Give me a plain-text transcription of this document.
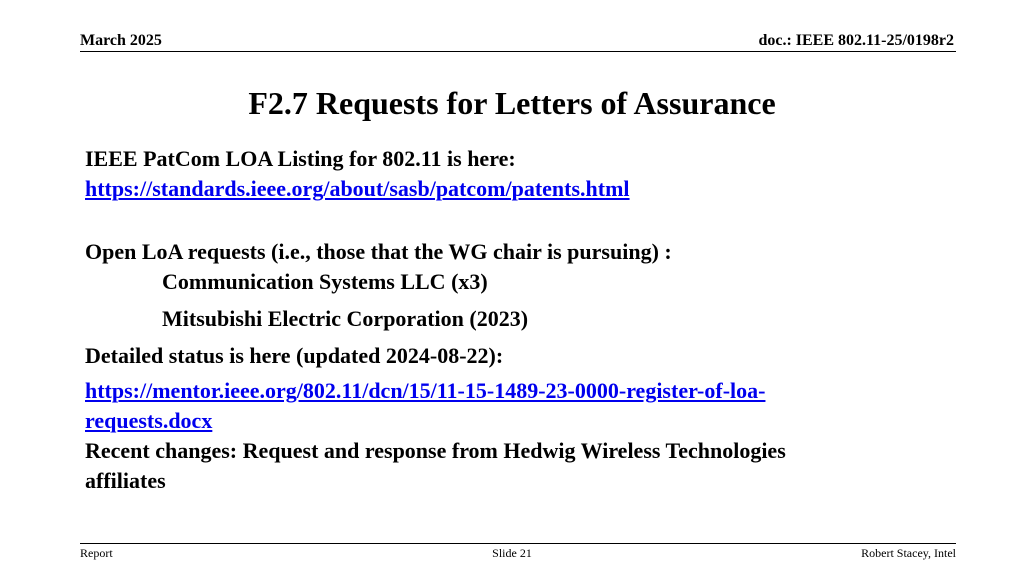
March 2025	doc.: IEEE 802.11-25/0198r2
F2.7 Requests for Letters of Assurance
IEEE PatCom LOA Listing for 802.11 is here:
https://standards.ieee.org/about/sasb/patcom/patents.html
Open LoA requests (i.e., those that the WG chair is pursuing) :
Communication Systems LLC (x3)
Mitsubishi Electric Corporation (2023)
Detailed status is here (updated 2024-08-22):
https://mentor.ieee.org/802.11/dcn/15/11-15-1489-23-0000-register-of-loa-
requests.docx
Recent changes: Request and response from Hedwig Wireless Technologies
affiliates
Report	Slide 21	Robert Stacey, Intel
